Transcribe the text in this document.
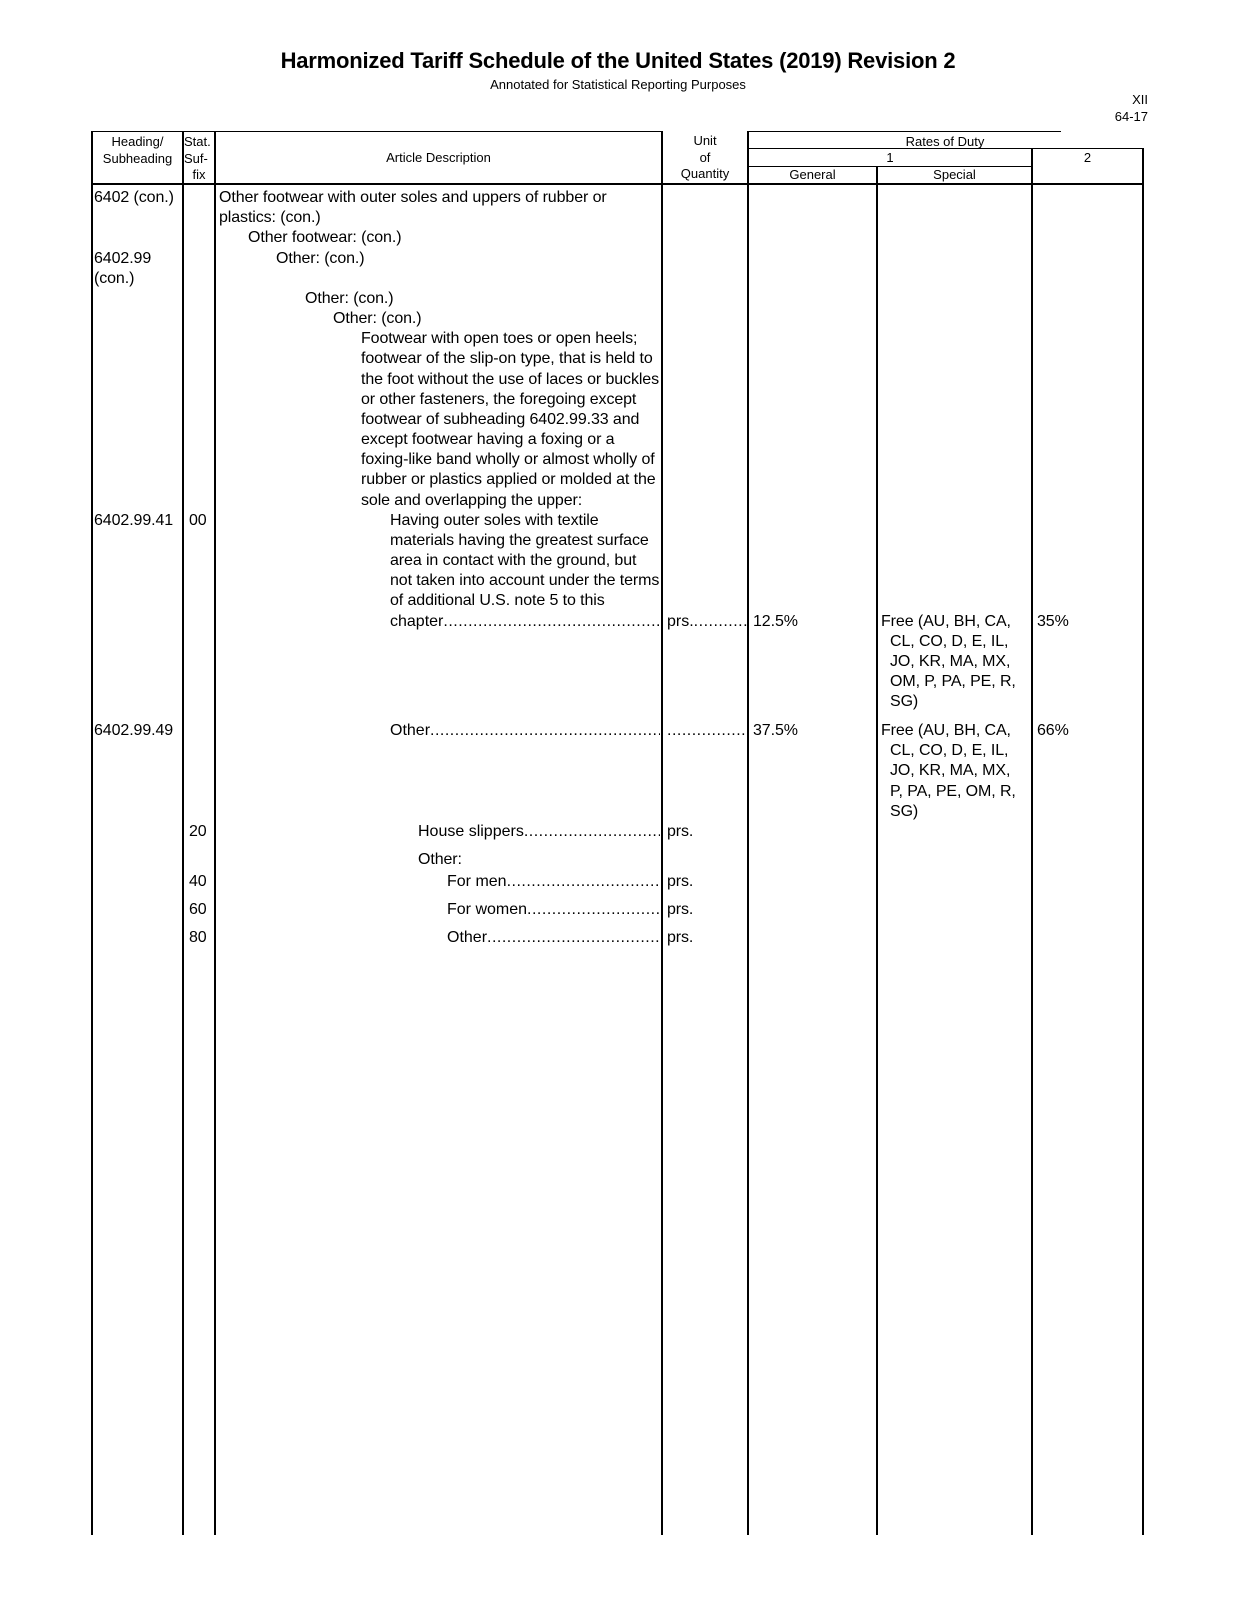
Harmonized Tariff Schedule of the United States (2019) Revision 2
Annotated for Statistical Reporting Purposes
XII
64-17
Heading/
Subheading
Stat.
Suf-
fix
Article Description
Unit
of
Quantity
Rates of Duty
1	2
General	Special
6402 (con.)
6402.99
(con.)
6402.99.41
6402.99.49
00
20
40
60
80
Other footwear with outer soles and uppers of rubber or
plastics: (con.)
Other footwear: (con.)
Other: (con.)
Other: (con.)
Other: (con.)
Footwear with open toes or open heels;
footwear of the slip-on type, that is held to
the foot without the use of laces or buckles
or other fasteners, the foregoing except
footwear of subheading 6402.99.33 and
except footwear having a foxing or a
foxing-like band wholly or almost wholly of
rubber or plastics applied or molded at the
sole and overlapping the upper:
Having outer soles with textile
materials having the greatest surface
area in contact with the ground, but
not taken into account under the terms
of additional U.S. note 5 to this
chapter.....
Other.....
House slippers.....
Other:
For men.....
For women.....
Other.....
prs......
.....
prs.
prs.
prs.
prs.
12.5%
37.5%
Free (AU, BH, CA,
CL, CO, D, E, IL,
JO, KR, MA, MX,
OM, P, PA, PE, R,
SG)
Free (AU, BH, CA,
CL, CO, D, E, IL,
JO, KR, MA, MX,
P, PA, PE, OM, R,
SG)
35%
66%
